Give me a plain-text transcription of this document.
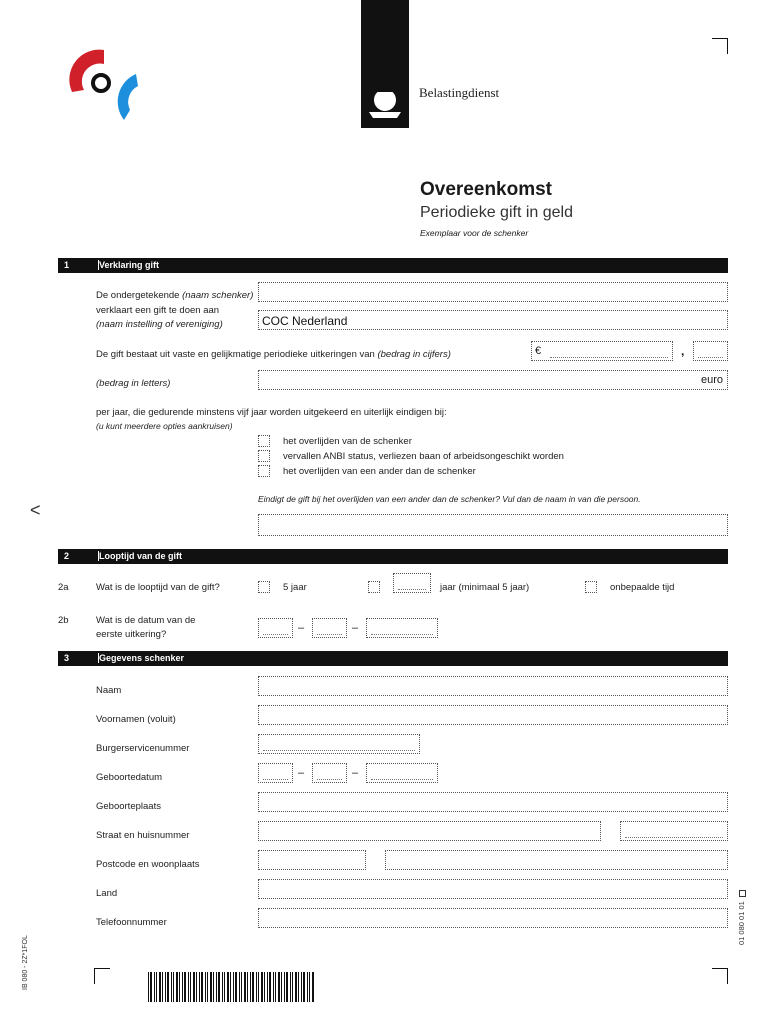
Belastingdienst
Overeenkomst
Periodieke gift in geld
Exemplaar voor de schenker
1	Verklaring gift
De ondergetekende (naam schenker)
verklaart een gift te doen aan
(naam instelling of vereniging)	COC Nederland
De gift bestaat uit vaste en gelijkmatige periodieke uitkeringen van (bedrag in cijfers)	€	,
(bedrag in letters)	euro
per jaar, die gedurende minstens vijf jaar worden uitgekeerd en uiterlijk eindigen bij:
(u kunt meerdere opties aankruisen)
het overlijden van de schenker
vervallen ANBI status, verliezen baan of arbeidsongeschikt worden
het overlijden van een ander dan de schenker
Eindigt de gift bij het overlijden van een ander dan de schenker? Vul dan de naam in van die persoon.
<
2	Looptijd van de gift
2a	Wat is de looptijd van de gift?	5 jaar	jaar (minimaal 5 jaar)	onbepaalde tijd
2b	Wat is de datum van de
eerste uitkering?
–	–
3	Gegevens schenker
Naam
Voornamen (voluit)
Burgerservicenummer
Geboortedatum	–	–
Geboorteplaats
Straat en huisnummer
Postcode en woonplaats
Land
Telefoonnummer
IB 080 - 2Z*1FOL
01 080 01 01
